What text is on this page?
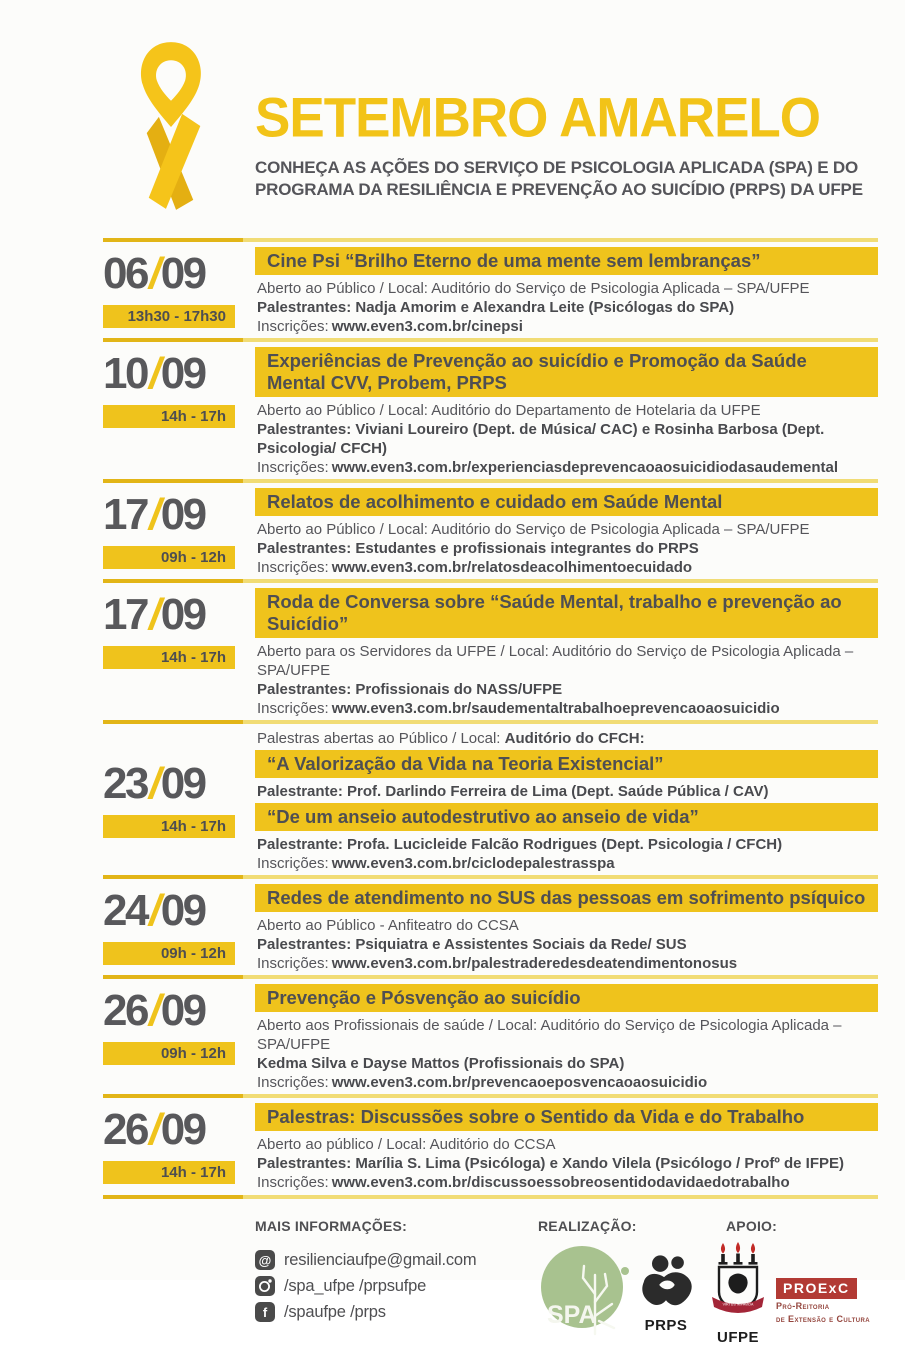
SETEMBRO AMARELO
CONHEÇA AS AÇÕES DO SERVIÇO DE PSICOLOGIA APLICADA (SPA) E DO
PROGRAMA DA RESILIÊNCIA E PREVENÇÃO AO SUICÍDIO (PRPS) DA UFPE
06/09
13h30 - 17h30
Cine Psi “Brilho Eterno de uma mente sem lembranças”

Aberto ao Público / Local: Auditório do Serviço de Psicologia Aplicada – SPA/UFPE

Palestrantes: Nadja Amorim e Alexandra Leite (Psicólogas do SPA)

Inscrições: www.even3.com.br/cinepsi

10/09
14h - 17h
Experiências de Prevenção ao suicídio e Promoção da Saúde
Mental CVV, Probem, PRPS

Aberto ao Público / Local: Auditório do Departamento de Hotelaria da UFPE

Palestrantes: Viviani Loureiro (Dept. de Música/ CAC) e Rosinha Barbosa (Dept. Psicologia/ CFCH)

Inscrições: www.even3.com.br/experienciasdeprevencaoaosuicidiodasaudemental

17/09
09h - 12h
Relatos de acolhimento e cuidado em Saúde Mental

Aberto ao Público / Local: Auditório do Serviço de Psicologia Aplicada – SPA/UFPE

Palestrantes: Estudantes e profissionais integrantes do PRPS

Inscrições: www.even3.com.br/relatosdeacolhimentoecuidado

17/09
14h - 17h
Roda de Conversa sobre “Saúde Mental, trabalho e prevenção ao Suicídio”

Aberto para os Servidores da UFPE / Local: Auditório do Serviço de Psicologia Aplicada – SPA/UFPE

Palestrantes: Profissionais do NASS/UFPE

Inscrições: www.even3.com.br/saudementaltrabalhoeprevencaoaosuicidio

23/09
14h - 17h

Palestras abertas ao Público / Local: Auditório do CFCH:

“A Valorização da Vida na Teoria Existencial”

Palestrante: Prof. Darlindo Ferreira de Lima (Dept. Saúde Pública / CAV)

“De um anseio autodestrutivo ao anseio de vida”

Palestrante: Profa. Lucicleide Falcão Rodrigues (Dept. Psicologia / CFCH)

Inscrições: www.even3.com.br/ciclodepalestrasspa

24/09
09h - 12h
Redes de atendimento no SUS das pessoas em sofrimento psíquico

Aberto ao Público - Anfiteatro do CCSA

Palestrantes: Psiquiatra e Assistentes Sociais da Rede/ SUS

Inscrições: www.even3.com.br/palestraderedesdeatendimentonosus

26/09
09h - 12h
Prevenção e Pósvenção ao suicídio

Aberto aos Profissionais de saúde / Local: Auditório do Serviço de Psicologia Aplicada – SPA/UFPE

Kedma Silva e Dayse Mattos (Profissionais do SPA)

Inscrições: www.even3.com.br/prevencaoeposvencaoaosuicidio

26/09
14h - 17h
Palestras: Discussões sobre o Sentido da Vida e do Trabalho

Aberto ao público / Local: Auditório do CCSA

Palestrantes: Marília S. Lima (Psicóloga) e Xando Vilela (Psicólogo / Profº de IFPE)

Inscrições: www.even3.com.br/discussoessobreosentidodavidaedotrabalho

MAIS INFORMAÇÕES:
@ resilienciaufpe@gmail.com
/spa_ufpe /prpsufpe
f	/spaufpe /prps
REALIZAÇÃO:
SPA	PRPS
APOIO:
VIRTUS IMPAVIDA
UFPE
PROExC
Pró-Reitoria
de Extensão e Cultura
